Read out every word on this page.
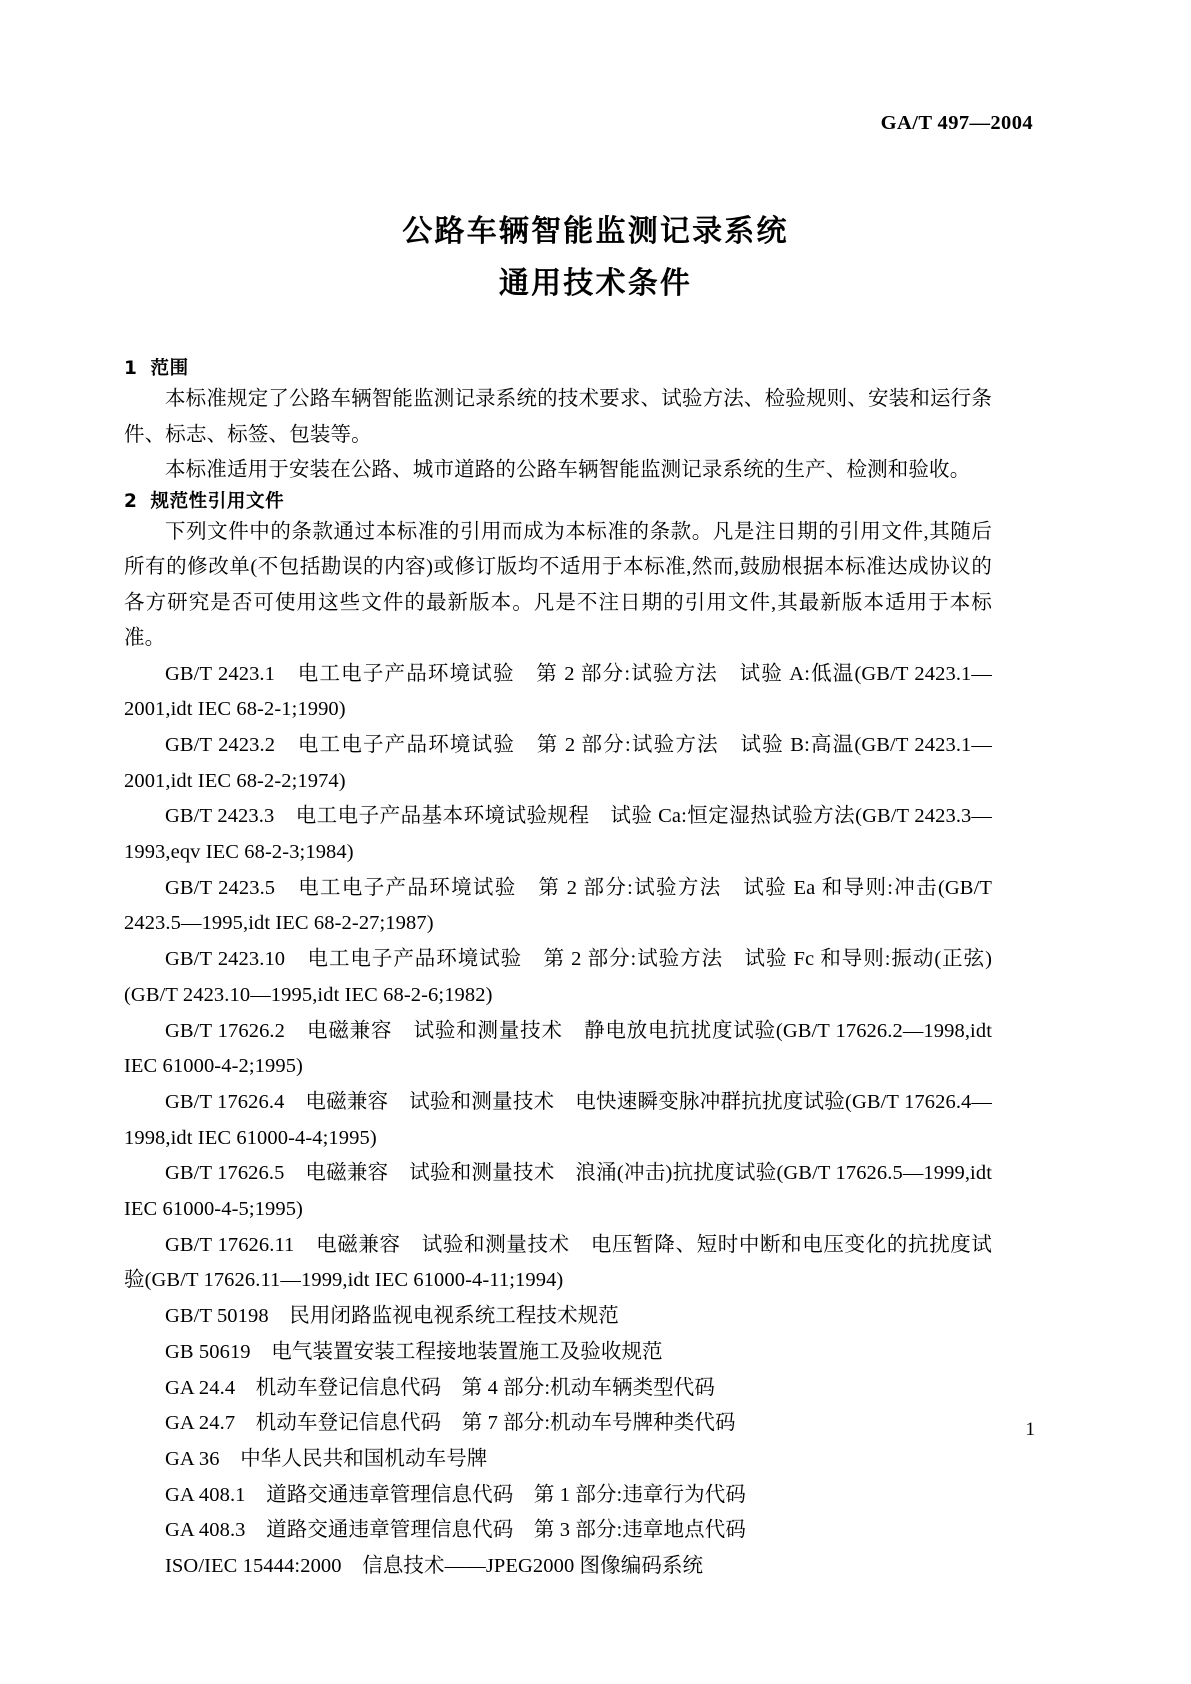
GA/T 497—2004
公路车辆智能监测记录系统
通用技术条件
1 范围

本标准规定了公路车辆智能监测记录系统的技术要求、试验方法、检验规则、安装和运行条件、标志、标签、包装等。

本标准适用于安装在公路、城市道路的公路车辆智能监测记录系统的生产、检测和验收。

2 规范性引用文件

下列文件中的条款通过本标准的引用而成为本标准的条款。凡是注日期的引用文件,其随后所有的修改单(不包括勘误的内容)或修订版均不适用于本标准,然而,鼓励根据本标准达成协议的各方研究是否可使用这些文件的最新版本。凡是不注日期的引用文件,其最新版本适用于本标准。

GB/T 2423.1　电工电子产品环境试验　第 2 部分:试验方法　试验 A:低温(GB/T 2423.1—2001,idt IEC 68-2-1;1990)

GB/T 2423.2　电工电子产品环境试验　第 2 部分:试验方法　试验 B:高温(GB/T 2423.1—2001,idt IEC 68-2-2;1974)

GB/T 2423.3　电工电子产品基本环境试验规程　试验 Ca:恒定湿热试验方法(GB/T 2423.3—1993,eqv IEC 68-2-3;1984)

GB/T 2423.5　电工电子产品环境试验　第 2 部分:试验方法　试验 Ea 和导则:冲击(GB/T 2423.5—1995,idt IEC 68-2-27;1987)

GB/T 2423.10　电工电子产品环境试验　第 2 部分:试验方法　试验 Fc 和导则:振动(正弦)(GB/T 2423.10—1995,idt IEC 68-2-6;1982)

GB/T 17626.2　电磁兼容　试验和测量技术　静电放电抗扰度试验(GB/T 17626.2—1998,idt IEC 61000-4-2;1995)

GB/T 17626.4　电磁兼容　试验和测量技术　电快速瞬变脉冲群抗扰度试验(GB/T 17626.4—1998,idt IEC 61000-4-4;1995)

GB/T 17626.5　电磁兼容　试验和测量技术　浪涌(冲击)抗扰度试验(GB/T 17626.5—1999,idt IEC 61000-4-5;1995)

GB/T 17626.11　电磁兼容　试验和测量技术　电压暂降、短时中断和电压变化的抗扰度试验(GB/T 17626.11—1999,idt IEC 61000-4-11;1994)

GB/T 50198　民用闭路监视电视系统工程技术规范

GB 50619　电气装置安装工程接地装置施工及验收规范

GA 24.4　机动车登记信息代码　第 4 部分:机动车辆类型代码

GA 24.7　机动车登记信息代码　第 7 部分:机动车号牌种类代码

GA 36　中华人民共和国机动车号牌

GA 408.1　道路交通违章管理信息代码　第 1 部分:违章行为代码

GA 408.3　道路交通违章管理信息代码　第 3 部分:违章地点代码

ISO/IEC 15444:2000　信息技术——JPEG2000 图像编码系统

1
